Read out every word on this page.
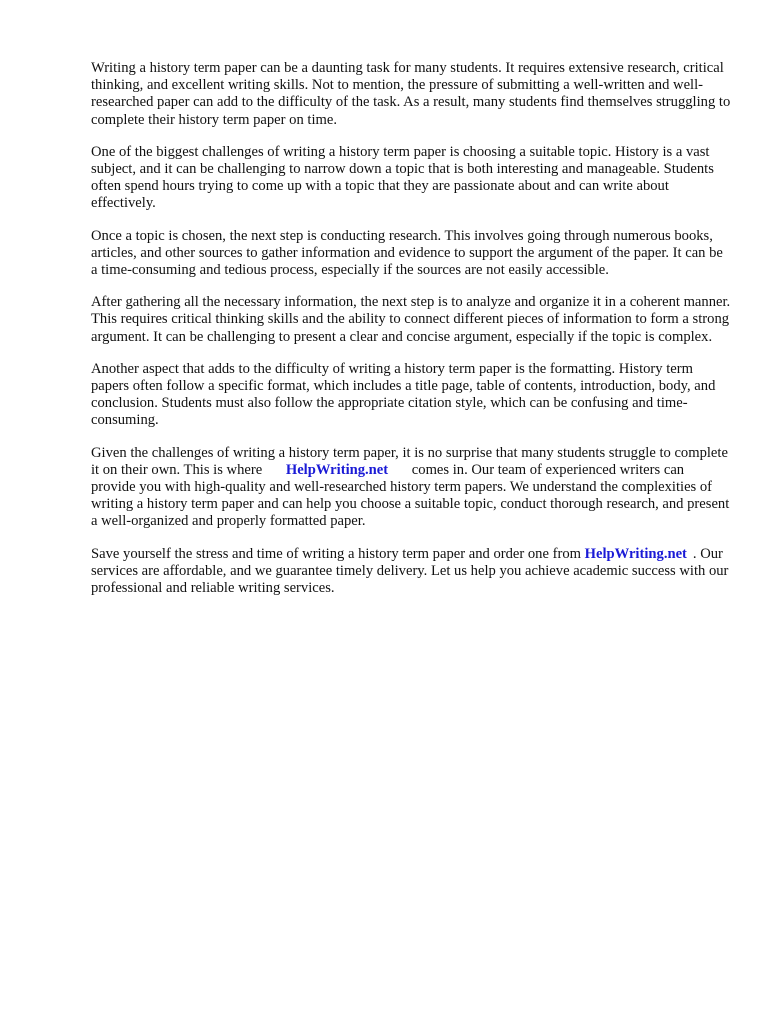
Writing a history term paper can be a daunting task for many students. It requires extensive research, critical thinking, and excellent writing skills. Not to mention, the pressure of submitting a well-written and well-researched paper can add to the difficulty of the task. As a result, many students find themselves struggling to complete their history term paper on time.

One of the biggest challenges of writing a history term paper is choosing a suitable topic. History is a vast subject, and it can be challenging to narrow down a topic that is both interesting and manageable. Students often spend hours trying to come up with a topic that they are passionate about and can write about effectively.

Once a topic is chosen, the next step is conducting research. This involves going through numerous books, articles, and other sources to gather information and evidence to support the argument of the paper. It can be a time-consuming and tedious process, especially if the sources are not easily accessible.

After gathering all the necessary information, the next step is to analyze and organize it in a coherent manner. This requires critical thinking skills and the ability to connect different pieces of information to form a strong argument. It can be challenging to present a clear and concise argument, especially if the topic is complex.

Another aspect that adds to the difficulty of writing a history term paper is the formatting. History term papers often follow a specific format, which includes a title page, table of contents, introduction, body, and conclusion. Students must also follow the appropriate citation style, which can be confusing and time-consuming.

Given the challenges of writing a history term paper, it is no surprise that many students struggle to complete it on their own. This is where HelpWriting.net comes in. Our team of experienced writers can provide you with high-quality and well-researched history term papers. We understand the complexities of writing a history term paper and can help you choose a suitable topic, conduct thorough research, and present a well-organized and properly formatted paper.

Save yourself the stress and time of writing a history term paper and order one from HelpWriting.net . Our services are affordable, and we guarantee timely delivery. Let us help you achieve academic success with our professional and reliable writing services.
